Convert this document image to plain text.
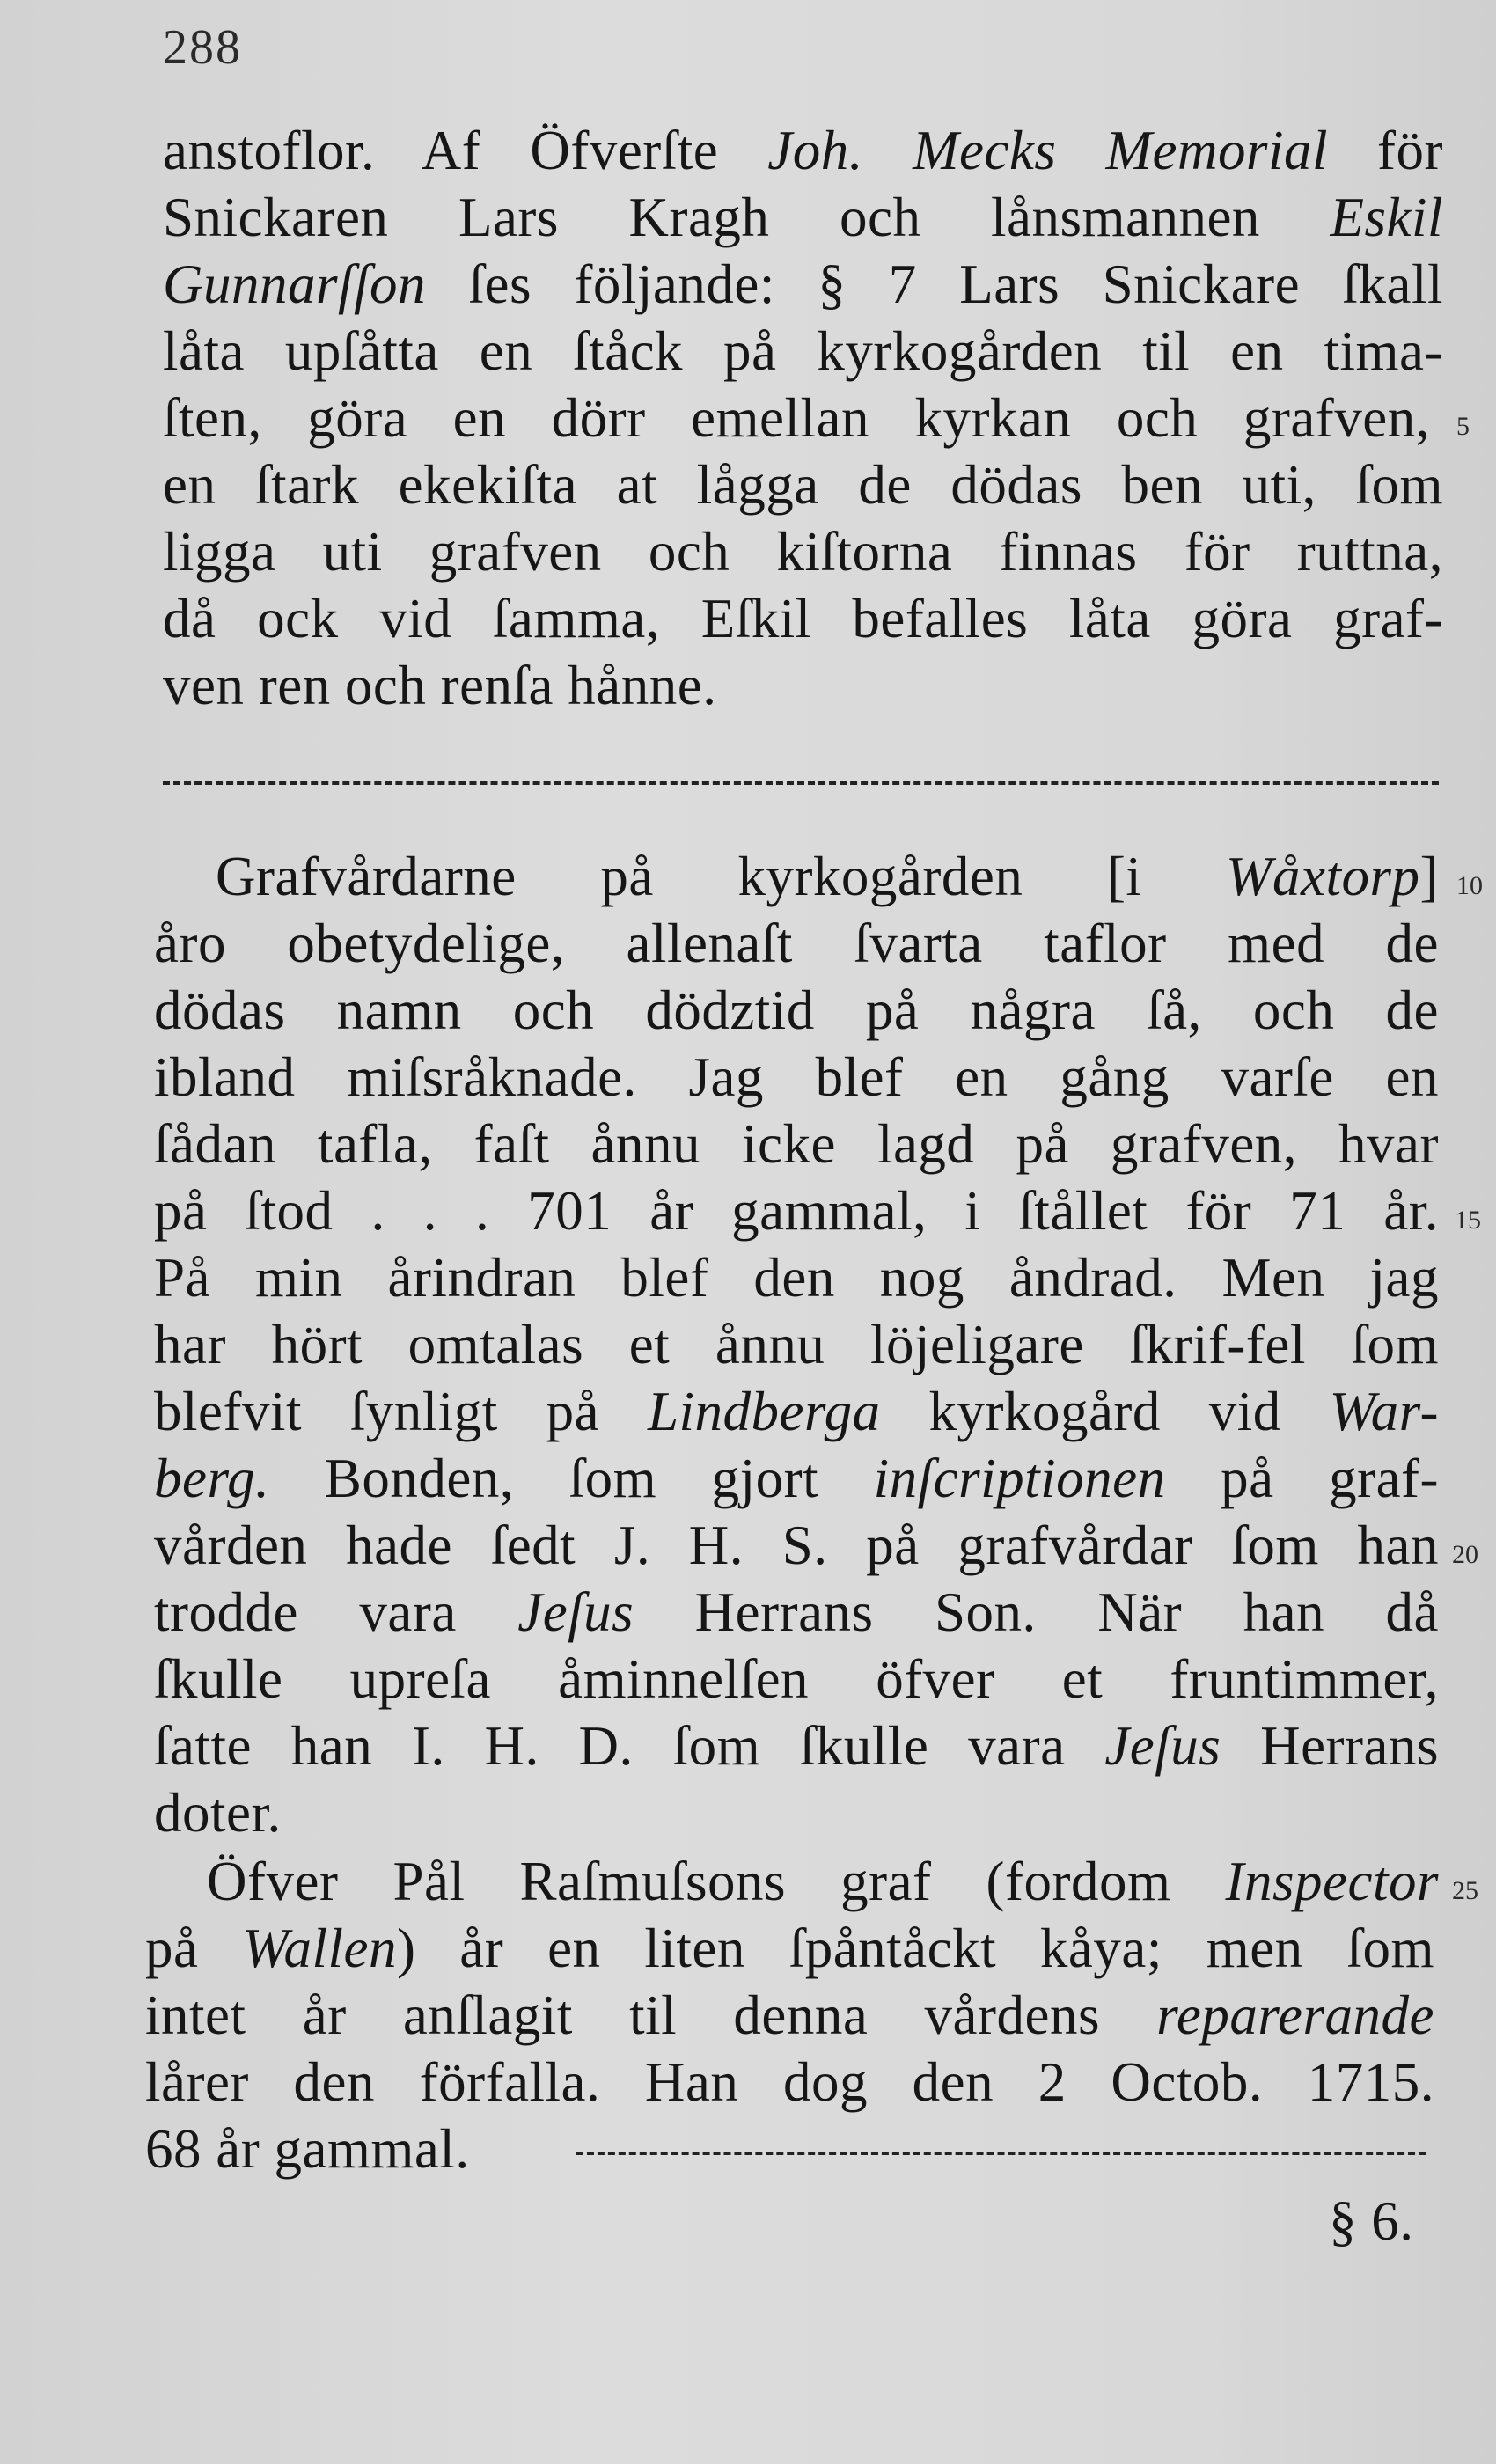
288
anstoflor. Af Öfverſte Joh. Mecks Memorial för
Snickaren Lars Kragh och lånsmannen Eskil
Gunnarſſon ſes följande: § 7 Lars Snickare ſkall
låta upſåtta en ſtåck på kyrkogården til en tima-
ſten, göra en dörr emellan kyrkan och grafven, 5
en ſtark ekekiſta at lågga de dödas ben uti, ſom
ligga uti grafven och kiſtorna finnas för ruttna,
då ock vid ſamma, Eſkil befalles låta göra graf-
ven ren och renſa hånne.
Grafvårdarne på kyrkogården [i Wåxtorp] 10
åro obetydelige, allenaſt ſvarta taflor med de
dödas namn och dödztid på några ſå, och de
ibland miſsråknade. Jag blef en gång varſe en
ſådan tafla, faſt ånnu icke lagd på grafven, hvar
på ſtod . . . 701 år gammal, i ſtållet för 71 år. 15
På min årindran blef den nog åndrad. Men jag
har hört omtalas et ånnu löjeligare ſkrif-fel ſom
blefvit ſynligt på Lindberga kyrkogård vid War-
berg. Bonden, ſom gjort inſcriptionen på graf-
vården hade ſedt J. H. S. på grafvårdar ſom han 20
trodde vara Jeſus Herrans Son. När han då
ſkulle upreſa åminnelſen öfver et fruntimmer,
ſatte han I. H. D. ſom ſkulle vara Jeſus Herrans
doter.
Öfver Pål Raſmuſsons graf (fordom Inspector 25
på Wallen) år en liten ſpåntåckt kåya; men ſom
intet år anſlagit til denna vårdens reparerande
lårer den förfalla. Han dog den 2 Octob. 1715.
68 år gammal.
§ 6.
